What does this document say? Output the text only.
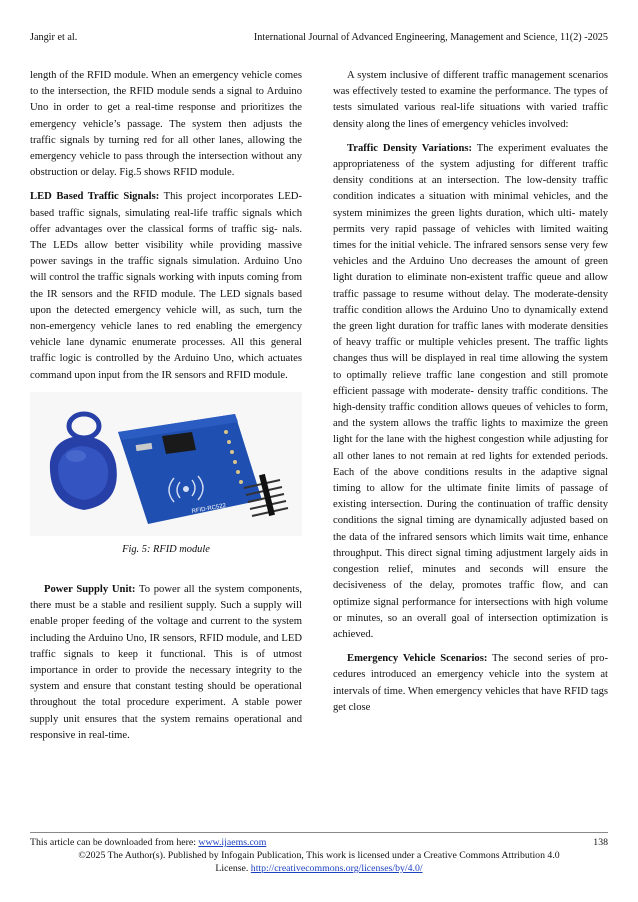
Jangir et al.	International Journal of Advanced Engineering, Management and Science, 11(2) -2025

length of the RFID module. When an emergency vehicle comes to the intersection, the RFID module sends a signal to Arduino Uno in order to get a real-time response and prioritizes the emergency vehicle’s passage. The system then adjusts the traffic signals by turning red for all other lanes, allowing the emergency vehicle to pass through the intersection without any obstruction or delay. Fig.5 shows RFID module.

LED Based Traffic Signals: This project incorporates LED-based traffic signals, simulating real-life traffic signals which offer advantages over the classical forms of traffic sig- nals. The LEDs allow better visibility while providing massive power savings in the traffic signals simulation. Arduino Uno will control the traffic signals working with inputs coming from the IR sensors and the RFID module. The LED signals based upon the detected emergency vehicle will, as such, turn the non-emergency vehicle lanes to red enabling the emergency vehicle lane dynamic enumerate processes. All this general traffic logic is controlled by the Arduino Uno, which actuates command upon input from the IR sensors and RFID module.

RFID-RC522
Fig. 5: RFID module

Power Supply Unit: To power all the system components, there must be a stable and resilient supply. Such a supply will enable proper feeding of the voltage and current to the system including the Arduino Uno, IR sensors, RFID module, and LED traffic signals to keep it functional. This is of utmost importance in order to provide the necessary integrity to the system and ensure that constant testing should be operational throughout the total procedure experiment. A stable power supply unit ensures that the system remains operational and responsive in real-time.

A system inclusive of different traffic management scenarios was effectively tested to examine the performance. The types of tests simulated various real-life situations with varied traffic density along the lines of emergency vehicles involved:

Traffic Density Variations: The experiment evaluates the appropriateness of the system adjusting for different traffic density conditions at an intersection. The low-density traffic condition indicates a situation with minimal vehicles, and the system minimizes the green lights duration, which ulti- mately permits very rapid passage of vehicles with limited waiting times for the initial vehicle. The infrared sensors sense very few vehicles and the Arduino Uno decreases the amount of green light duration to eliminate non-existent traffic queue and allow traffic passage to resume without delay. The moderate-density traffic condition allows the Arduino Uno to dynamically extend the green light duration for traffic lanes with moderate densities of heavy traffic or multiple vehicles present. The traffic lights changes thus will be displayed in real time allowing the system to optimally relieve traffic lane congestion and still promote efficient passage with moderate- density traffic conditions. The high-density traffic condition allows queues of vehicles to form, and the system allows the traffic lights to maximize the green light for the lane with the highest congestion while adjusting for all other lanes to not remain at red lights for extended periods. Each of the above conditions results in the adaptive signal timing to allow for the ultimate finite limits of passage of existing intersection. During the continuation of traffic density conditions the signal timing are dynamically adjusted based on the data of the infrared sensors which limits wait time, enhance throughput. This direct signal timing adjustment largely aids in congestion relief, minutes and seconds will ensure the decisiveness of the delay, promotes traffic flow, and can optimize signal performance for intersections with high volume or minutes, so an overall goal of intersection optimization is achieved.

Emergency Vehicle Scenarios: The second series of pro- cedures introduced an emergency vehicle into the system at intervals of time. When emergency vehicles that have RFID tags get close

This article can be downloaded from here: www.ijaems.com	138
©2025 The Author(s). Published by Infogain Publication, This work is licensed under a Creative Commons Attribution 4.0
License. http://creativecommons.org/licenses/by/4.0/
